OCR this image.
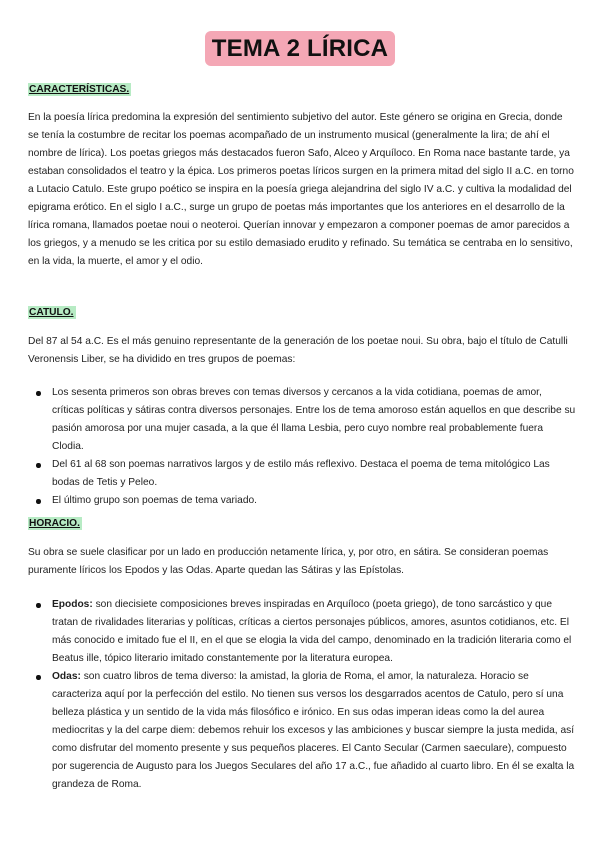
TEMA 2 LÍRICA
CARACTERÍSTICAS.

En la poesía lírica predomina la expresión del sentimiento subjetivo del autor. Este género se origina en Grecia, donde se tenía la costumbre de recitar los poemas acompañado de un instrumento musical (generalmente la lira; de ahí el nombre de lírica). Los poetas griegos más destacados fueron Safo, Alceo y Arquíloco. En Roma nace bastante tarde, ya estaban consolidados el teatro y la épica. Los primeros poetas líricos surgen en la primera mitad del siglo II a.C. en torno a Lutacio Catulo. Este grupo poético se inspira en la poesía griega alejandrina del siglo IV a.C. y cultiva la modalidad del epigrama erótico. En el siglo I a.C., surge un grupo de poetas más importantes que los anteriores en el desarrollo de la lírica romana, llamados poetae noui o neoteroi. Querían innovar y empezaron a componer poemas de amor parecidos a los griegos, y a menudo se les critica por su estilo demasiado erudito y refinado. Su temática se centraba en lo sensitivo, en la vida, la muerte, el amor y el odio.

CATULO.

Del 87 al 54 a.C. Es el más genuino representante de la generación de los poetae noui. Su obra, bajo el título de Catulli Veronensis Liber, se ha dividido en tres grupos de poemas:

Los sesenta primeros son obras breves con temas diversos y cercanos a la vida cotidiana, poemas de amor, críticas políticas y sátiras contra diversos personajes. Entre los de tema amoroso están aquellos en que describe su pasión amorosa por una mujer casada, a la que él llama Lesbia, pero cuyo nombre real probablemente fuera Clodia.
Del 61 al 68 son poemas narrativos largos y de estilo más reflexivo. Destaca el poema de tema mitológico Las bodas de Tetis y Peleo.
El último grupo son poemas de tema variado.
HORACIO.

Su obra se suele clasificar por un lado en producción netamente lírica, y, por otro, en sátira. Se consideran poemas puramente líricos los Epodos y las Odas. Aparte quedan las Sátiras y las Epístolas.

Epodos: son diecisiete composiciones breves inspiradas en Arquíloco (poeta griego), de tono sarcástico y que tratan de rivalidades literarias y políticas, críticas a ciertos personajes públicos, amores, asuntos cotidianos, etc. El más conocido e imitado fue el II, en el que se elogia la vida del campo, denominado en la tradición literaria como el Beatus ille, tópico literario imitado constantemente por la literatura europea.
Odas: son cuatro libros de tema diverso: la amistad, la gloria de Roma, el amor, la naturaleza. Horacio se caracteriza aquí por la perfección del estilo. No tienen sus versos los desgarrados acentos de Catulo, pero sí una belleza plástica y un sentido de la vida más filosófico e irónico. En sus odas imperan ideas como la del aurea mediocritas y la del carpe diem: debemos rehuir los excesos y las ambiciones y buscar siempre la justa medida, así como disfrutar del momento presente y sus pequeños placeres. El Canto Secular (Carmen saeculare), compuesto por sugerencia de Augusto para los Juegos Seculares del año 17 a.C., fue añadido al cuarto libro. En él se exalta la grandeza de Roma.
